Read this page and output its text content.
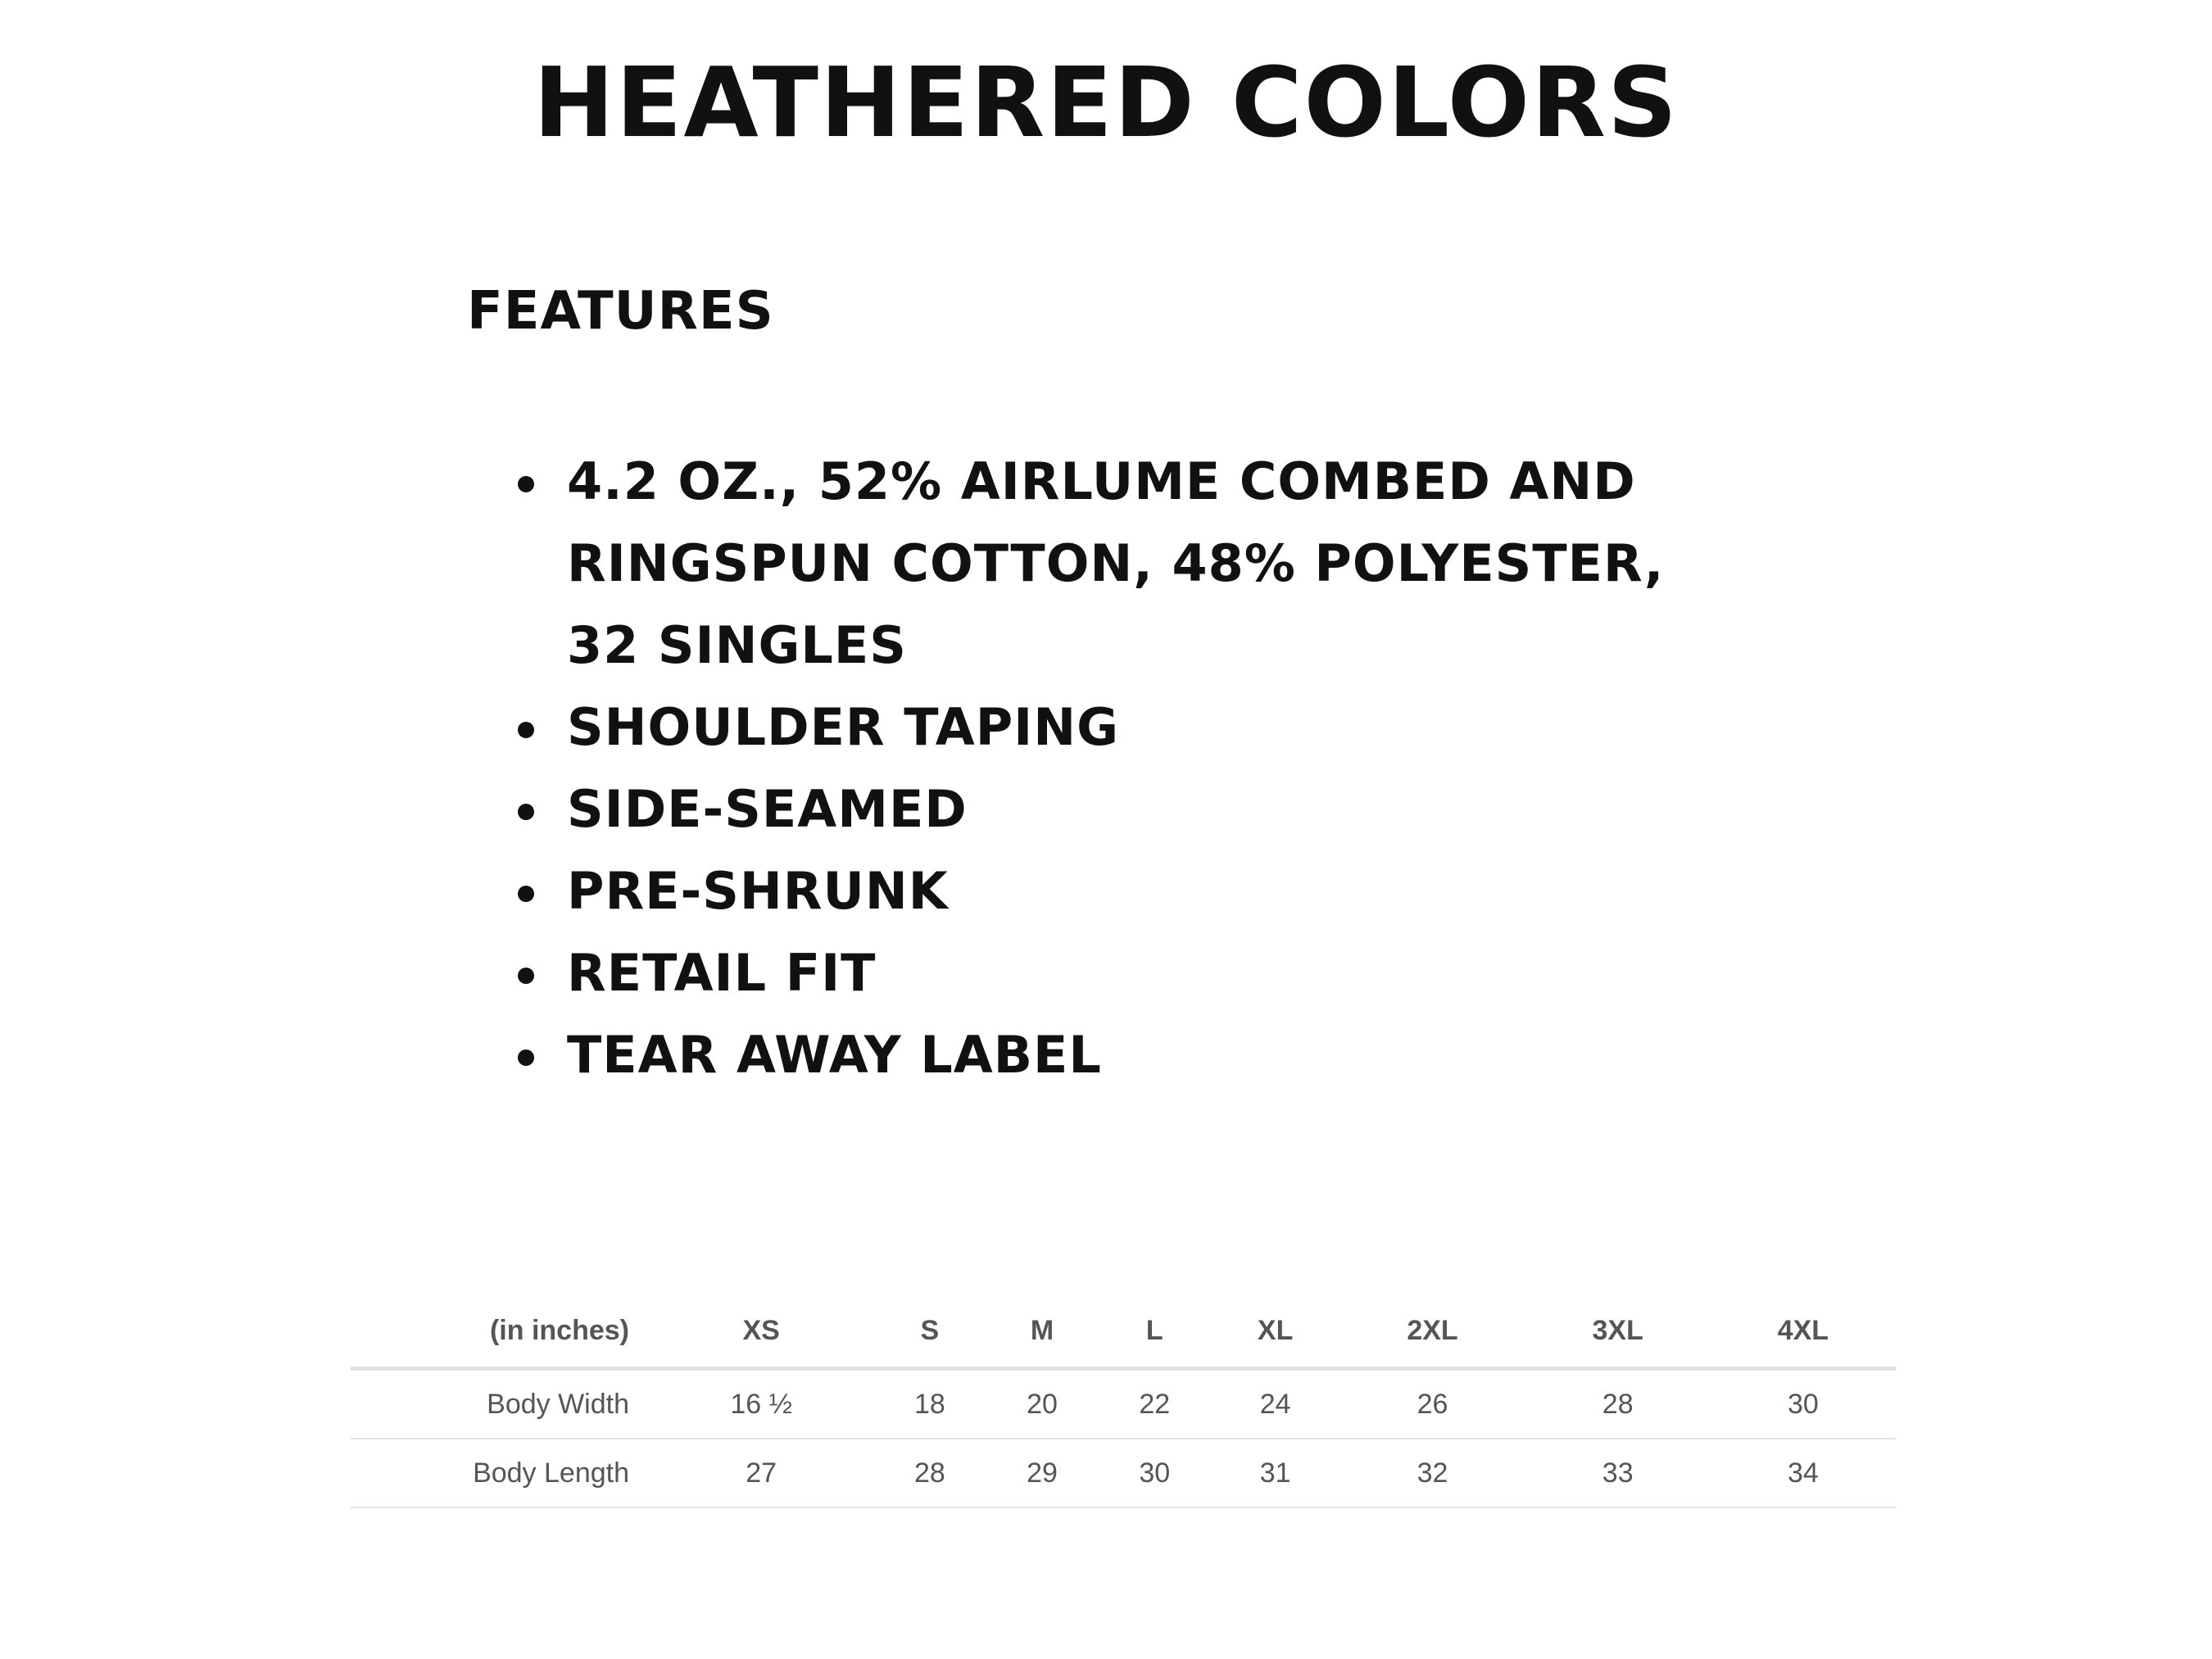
HEATHERED COLORS
FEATURES
4.2 OZ., 52% AIRLUME COMBED AND RINGSPUN COTTON, 48% POLYESTER, 32 SINGLES
SHOULDER TAPING
SIDE-SEAMED
PRE-SHRUNK
RETAIL FIT
TEAR AWAY LABEL
(in inches)	XS	S	M	L	XL	2XL	3XL	4XL
Body Width	16 ½	18	20	22	24	26	28	30
Body Length	27	28	29	30	31	32	33	34
